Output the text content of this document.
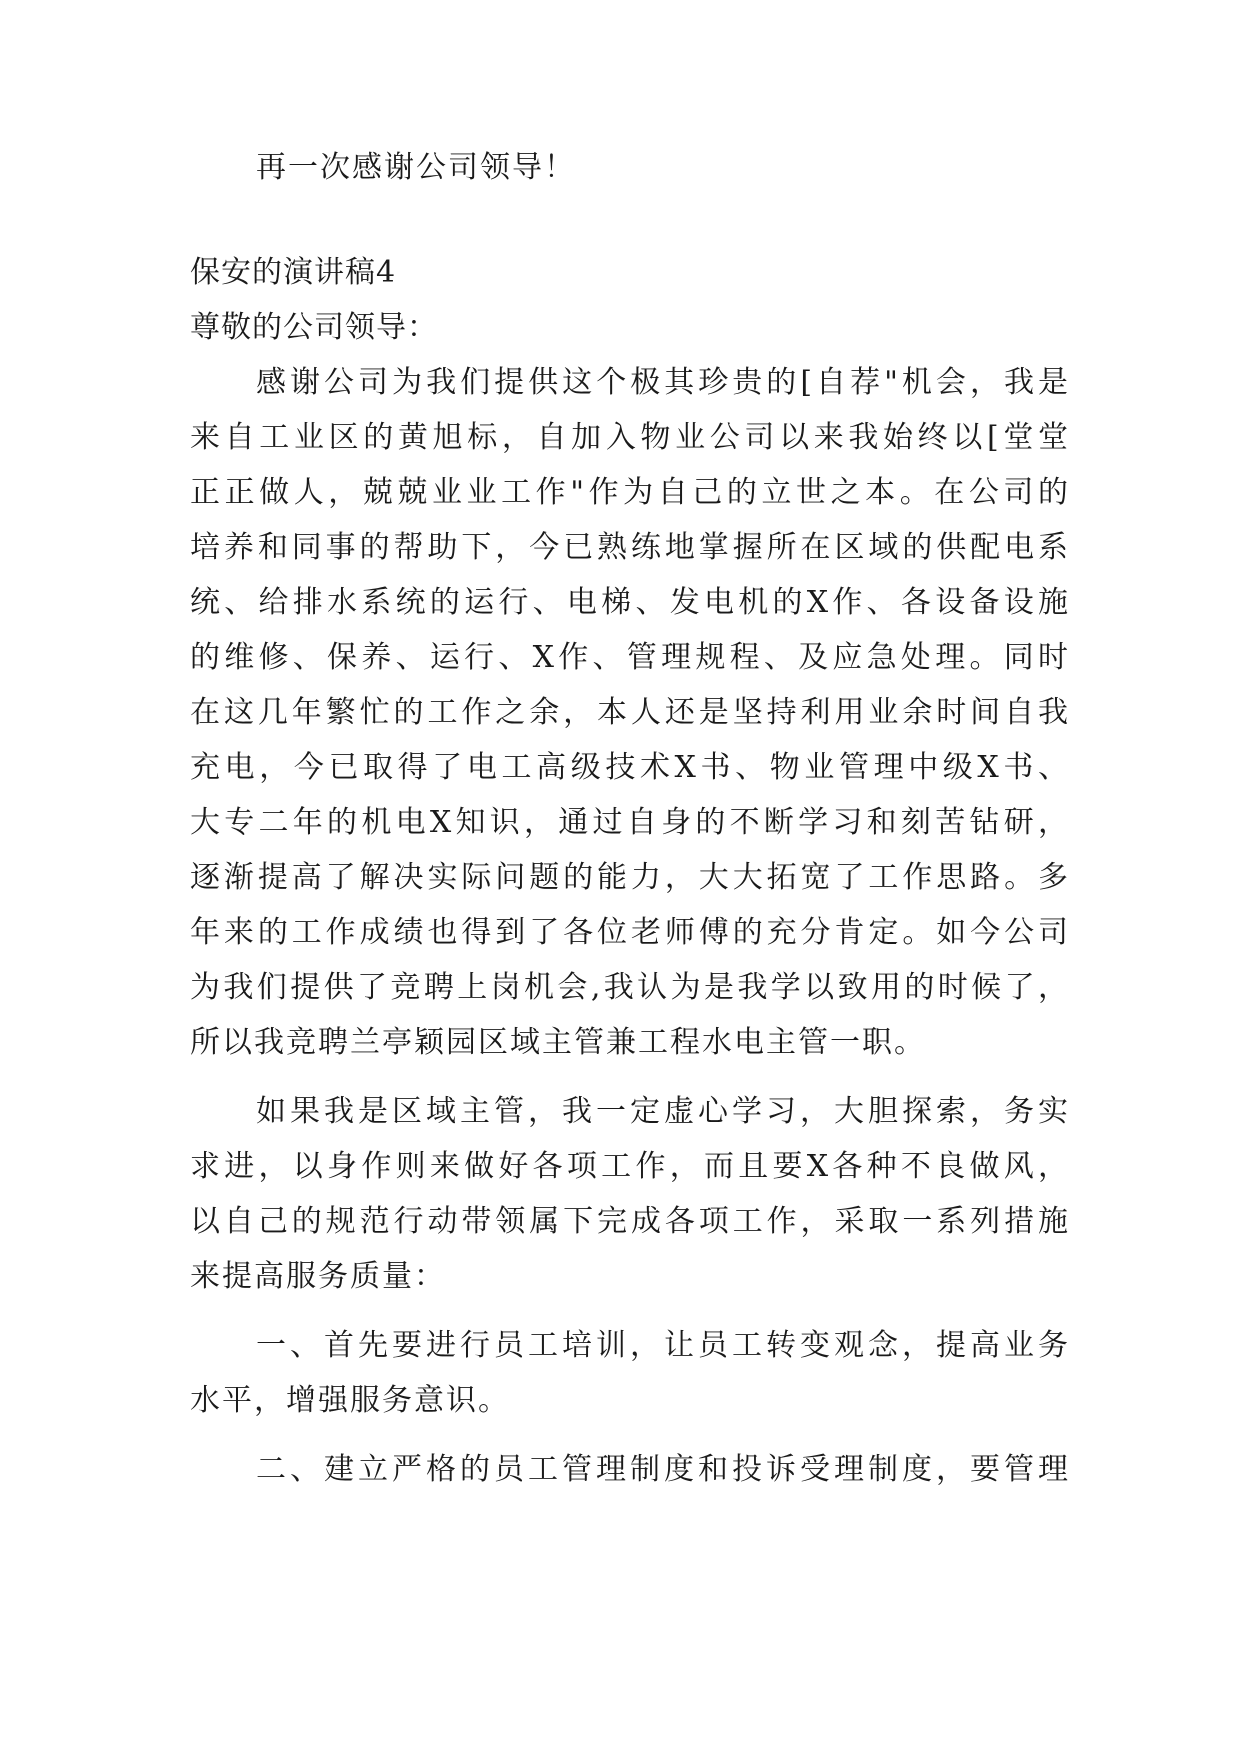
再一次感谢公司领导！
保安的演讲稿4
尊敬的公司领导：
感谢公司为我们提供这个极其珍贵的[自荐"机会，我是
来自工业区的黄旭标，自加入物业公司以来我始终以[堂堂
正正做人，兢兢业业工作"作为自己的立世之本。在公司的
培养和同事的帮助下，今已熟练地掌握所在区域的供配电系
统、给排水系统的运行、电梯、发电机的X作、各设备设施
的维修、保养、运行、X作、管理规程、及应急处理。同时
在这几年繁忙的工作之余，本人还是坚持利用业余时间自我
充电，今已取得了电工高级技术X书、物业管理中级X书、
大专二年的机电X知识，通过自身的不断学习和刻苦钻研，
逐渐提高了解决实际问题的能力，大大拓宽了工作思路。多
年来的工作成绩也得到了各位老师傅的充分肯定。如今公司
为我们提供了竞聘上岗机会,我认为是我学以致用的时候了，
所以我竞聘兰亭颖园区域主管兼工程水电主管一职。
如果我是区域主管，我一定虚心学习，大胆探索，务实
求进，以身作则来做好各项工作，而且要X各种不良做风，
以自己的规范行动带领属下完成各项工作，采取一系列措施
来提高服务质量：
一、首先要进行员工培训，让员工转变观念，提高业务
水平，增强服务意识。
二、建立严格的员工管理制度和投诉受理制度，要管理
